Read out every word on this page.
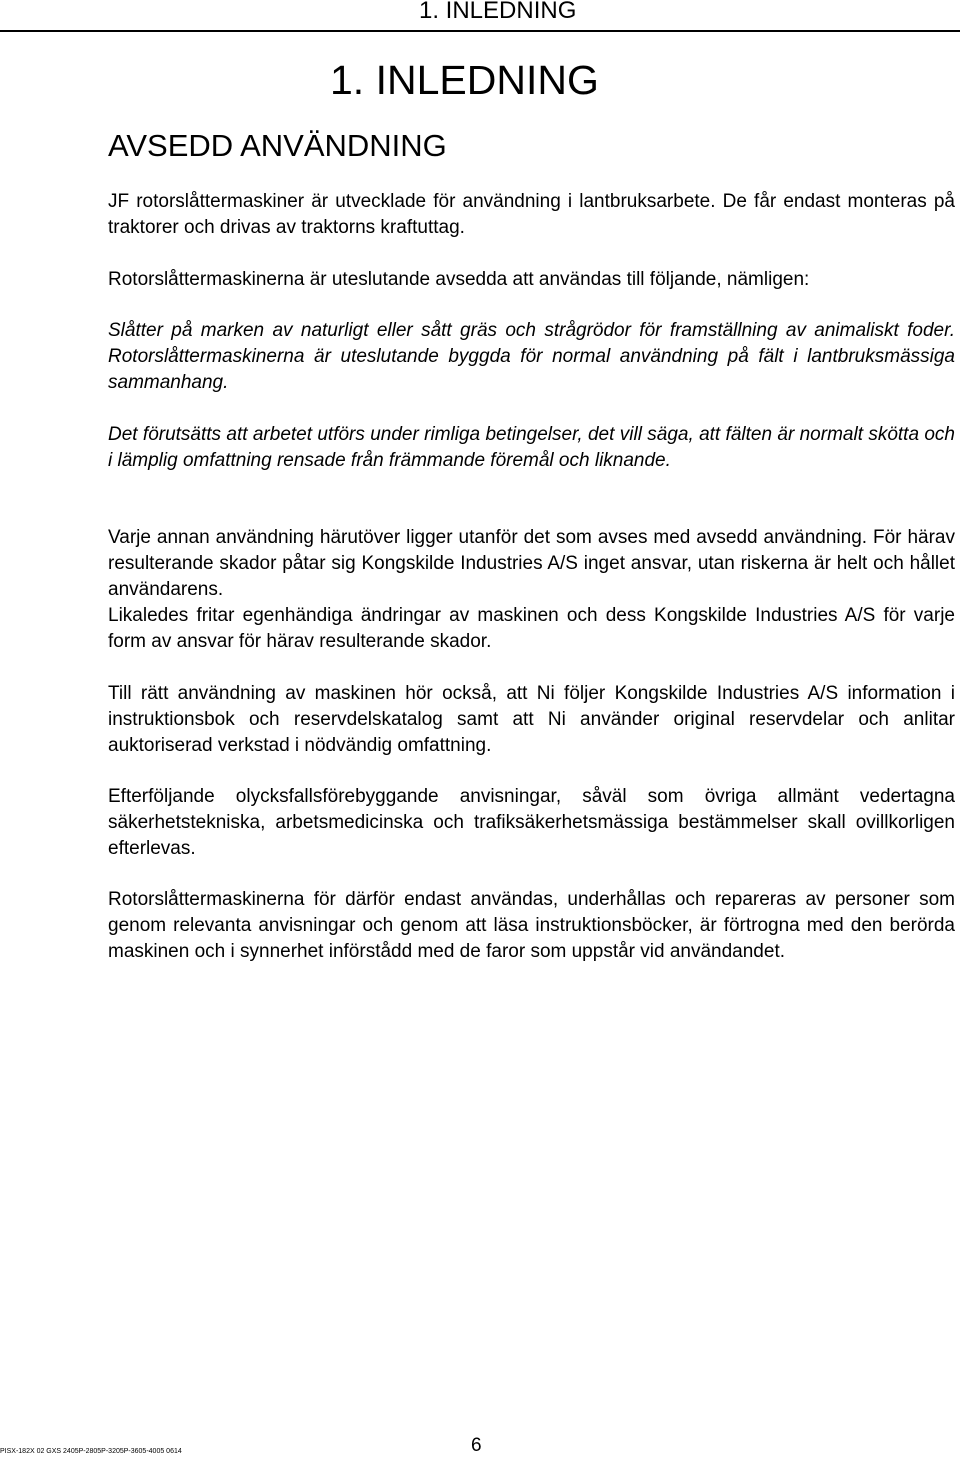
1. INLEDNING
1. INLEDNING
AVSEDD ANVÄNDNING

JF rotorslåttermaskiner är utvecklade för användning i lantbruksarbete. De får endast monteras på traktorer och drivas av traktorns kraftuttag.

Rotorslåttermaskinerna är uteslutande avsedda att användas till följande, nämligen:

Slåtter på marken av naturligt eller sått gräs och strågrödor för framställning av animaliskt foder. Rotorslåttermaskinerna är uteslutande byggda för normal användning på fält i lantbruksmässiga sammanhang.

Det förutsätts att arbetet utförs under rimliga betingelser, det vill säga, att fälten är normalt skötta och i lämplig omfattning rensade från främmande föremål och liknande.

Varje annan användning härutöver ligger utanför det som avses med avsedd användning. För härav resulterande skador påtar sig Kongskilde Industries A/S inget ansvar, utan riskerna är helt och hållet användarens.

Likaledes fritar egenhändiga ändringar av maskinen och dess Kongskilde Industries A/S för varje form av ansvar för härav resulterande skador.

Till rätt användning av maskinen hör också, att Ni följer Kongskilde Industries A/S information i instruktionsbok och reservdelskatalog samt att Ni använder original reservdelar och anlitar auktoriserad verkstad i nödvändig omfattning.

Efterföljande olycksfallsförebyggande anvisningar, såväl som övriga allmänt vedertagna säkerhetstekniska, arbetsmedicinska och trafiksäkerhetsmässiga bestämmelser skall ovillkorligen efterlevas.

Rotorslåttermaskinerna för därför endast användas, underhållas och repareras av personer som genom relevanta anvisningar och genom att läsa instruktionsböcker, är förtrogna med den berörda maskinen och i synnerhet införstådd med de faror som uppstår vid användandet.

PISX-182X 02 GXS 2405P-2805P-3205P-3605-4005 0614	6
